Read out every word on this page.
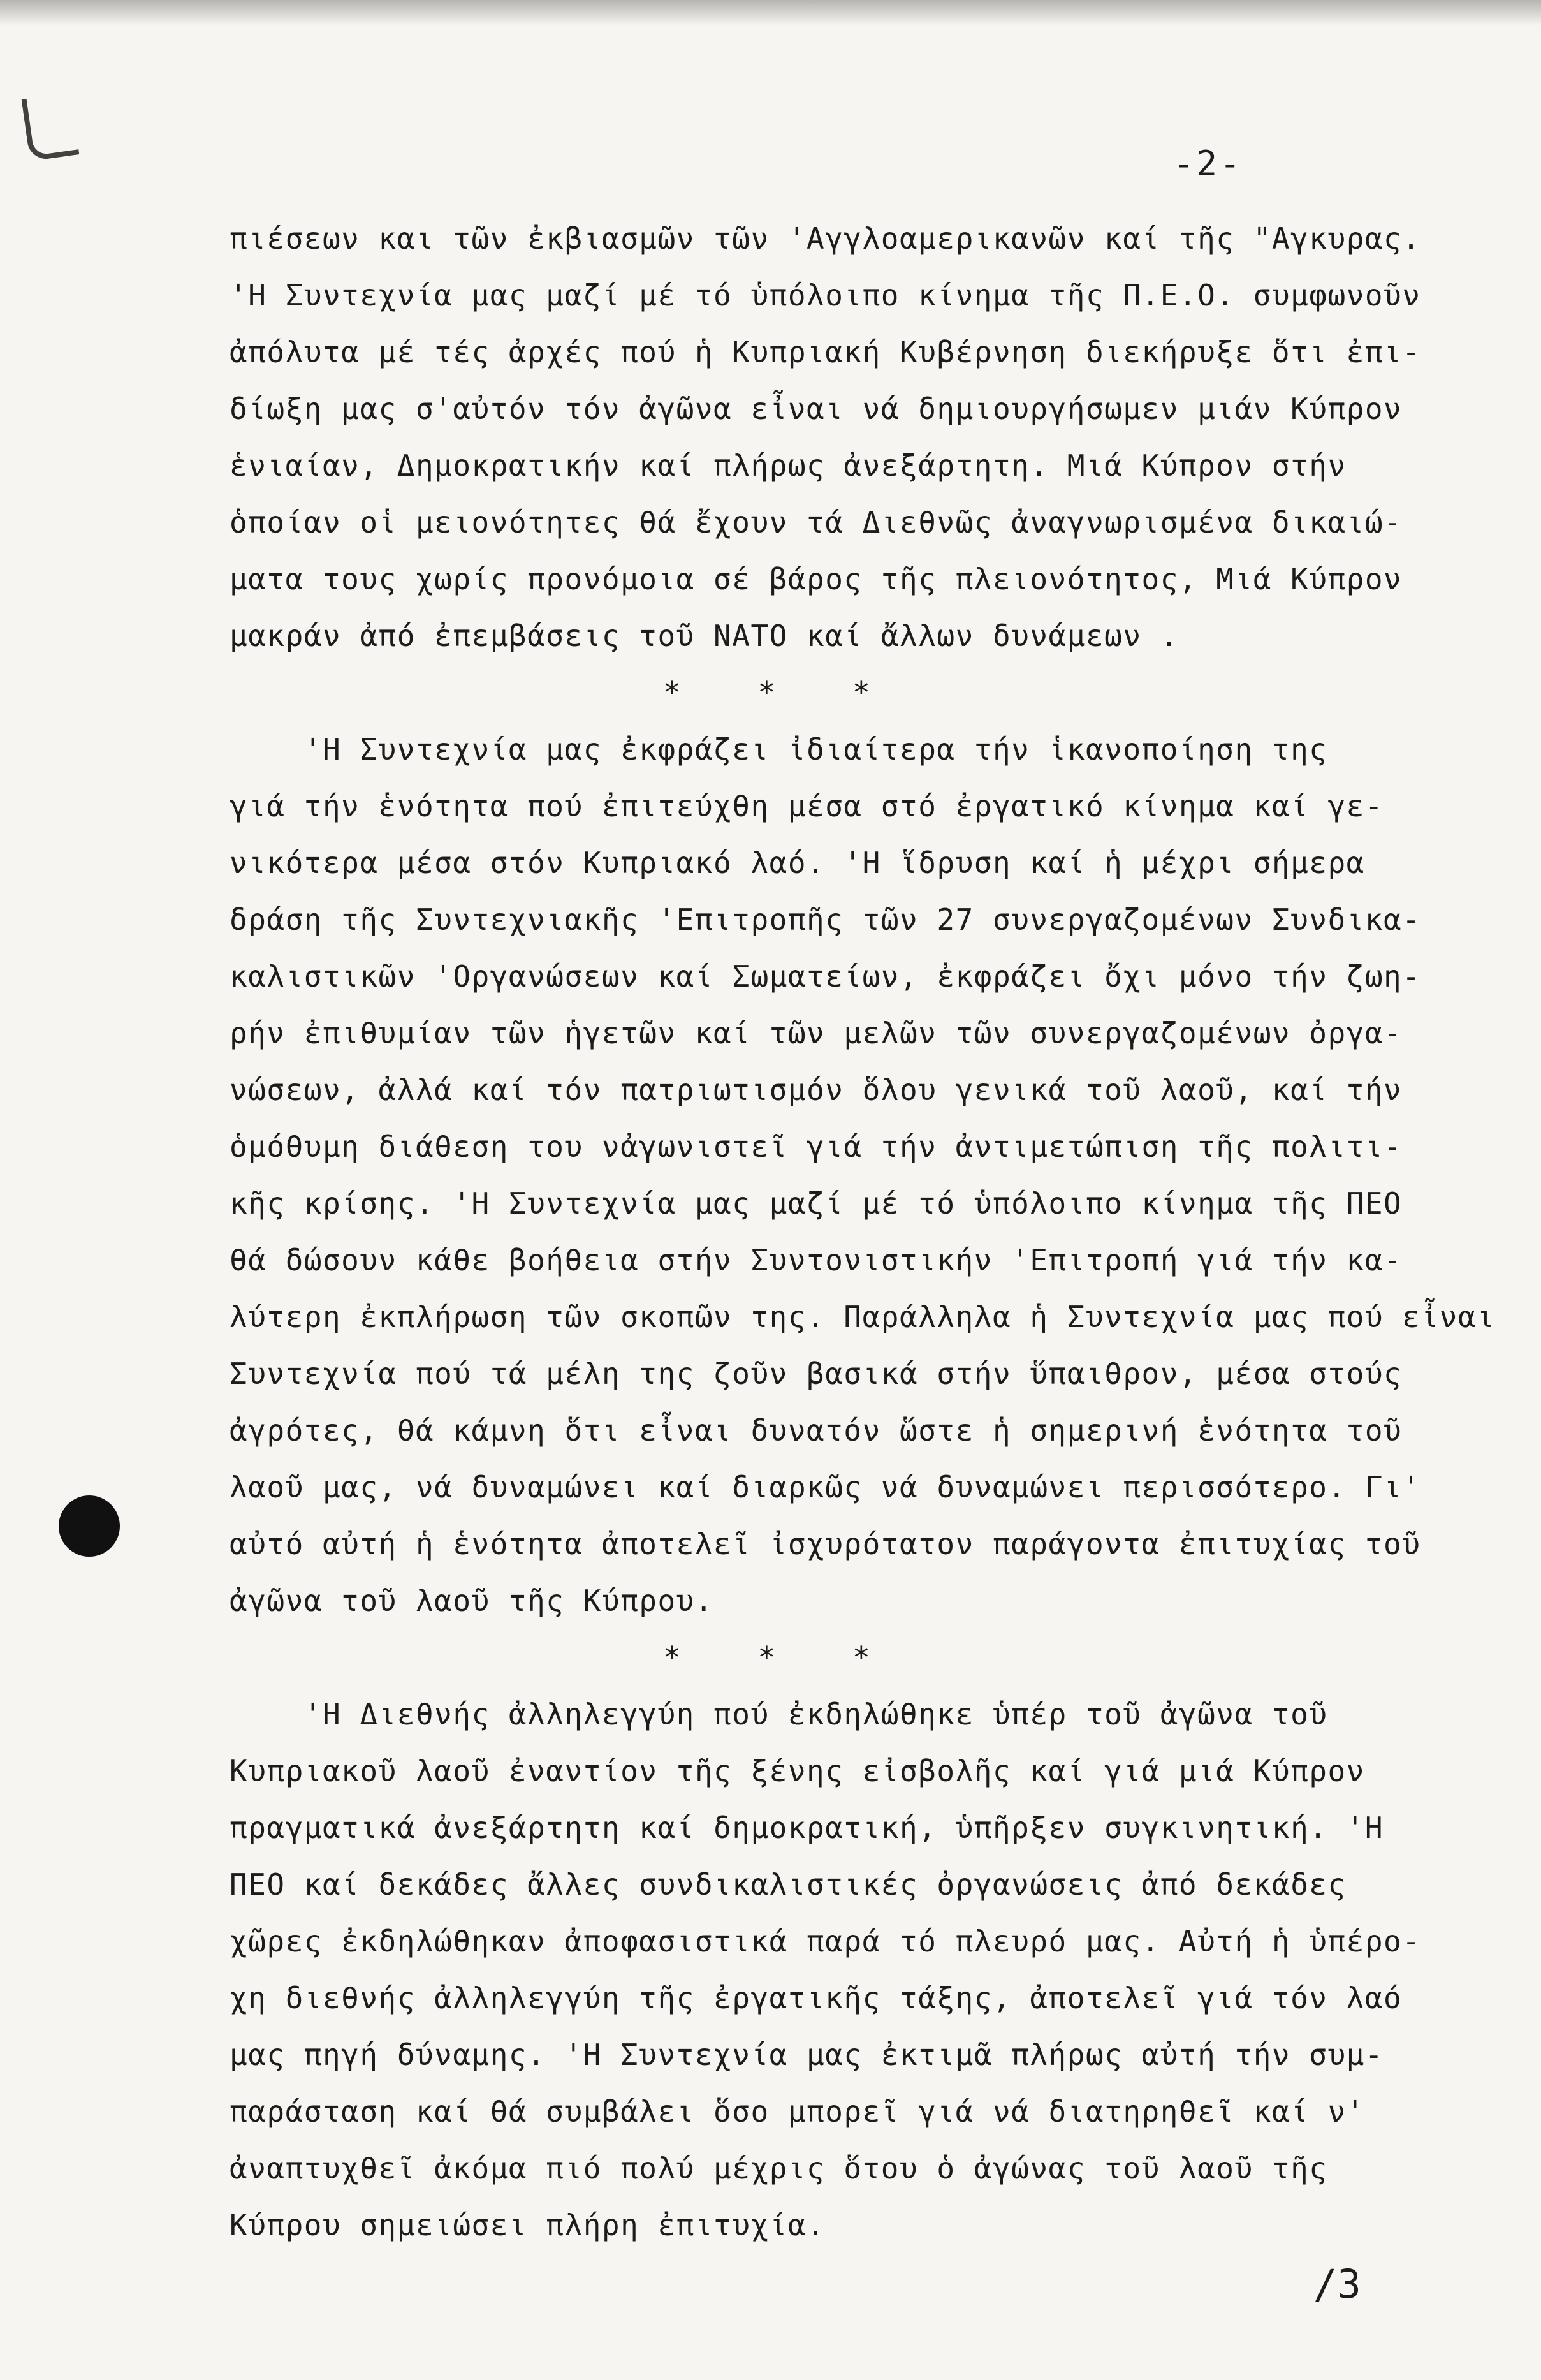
-2-
πιέσεων και τῶν ἐκβιασμῶν τῶν 'Αγγλοαμερικανῶν καί τῆς "Αγκυρας.
'Η Συντεχνία μας μαζί μέ τό ὑπόλοιπο κίνημα τῆς Π.Ε.Ο. συμφωνοῦν
ἀπόλυτα μέ τές ἀρχές πού ἡ Κυπριακή Κυβέρνηση διεκήρυξε ὅτι ἐπι-
δίωξη μας σ'αὐτόν τόν ἀγῶνα εἶναι νά δημιουργήσωμεν μιάν Κύπρον
ἑνιαίαν, Δημοκρατικήν καί πλήρως ἀνεξάρτητη. Μιά Κύπρον στήν
ὁποίαν οἱ μειονότητες θά ἔχουν τά Διεθνῶς ἀναγνωρισμένα δικαιώ-
ματα τους χωρίς προνόμοια σέ βάρος τῆς πλειονότητος, Μιά Κύπρον
μακράν ἀπό ἐπεμβάσεις τοῦ ΝΑΤΟ καί ἄλλων δυνάμεων .
*    *    *
'Η Συντεχνία μας ἐκφράζει ἰδιαίτερα τήν ἱκανοποίηση της
γιά τήν ἑνότητα πού ἐπιτεύχθη μέσα στό ἐργατικό κίνημα καί γε-
νικότερα μέσα στόν Κυπριακό λαό. 'Η ἵδρυση καί ἡ μέχρι σήμερα
δράση τῆς Συντεχνιακῆς 'Επιτροπῆς τῶν 27 συνεργαζομένων Συνδικα-
καλιστικῶν 'Οργανώσεων καί Σωματείων, ἐκφράζει ὄχι μόνο τήν ζωη-
ρήν ἐπιθυμίαν τῶν ἡγετῶν καί τῶν μελῶν τῶν συνεργαζομένων ὀργα-
νώσεων, ἀλλά καί τόν πατριωτισμόν ὅλου γενικά τοῦ λαοῦ, καί τήν
ὁμόθυμη διάθεση του νἀγωνιστεῖ γιά τήν ἀντιμετώπιση τῆς πολιτι-
κῆς κρίσης. 'Η Συντεχνία μας μαζί μέ τό ὑπόλοιπο κίνημα τῆς ΠΕΟ
θά δώσουν κάθε βοήθεια στήν Συντονιστικήν 'Επιτροπή γιά τήν κα-
λύτερη ἐκπλήρωση τῶν σκοπῶν της. Παράλληλα ἡ Συντεχνία μας πού εἶναι
Συντεχνία πού τά μέλη της ζοῦν βασικά στήν ὕπαιθρον, μέσα στούς
ἀγρότες, θά κάμνη ὅτι εἶναι δυνατόν ὥστε ἡ σημερινή ἑνότητα τοῦ
λαοῦ μας, νά δυναμώνει καί διαρκῶς νά δυναμώνει περισσότερο. Γι'
αὐτό αὐτή ἡ ἑνότητα ἀποτελεῖ ἰσχυρότατον παράγοντα ἐπιτυχίας τοῦ
ἀγῶνα τοῦ λαοῦ τῆς Κύπρου.
*    *    *
'Η Διεθνής ἀλληλεγγύη πού ἐκδηλώθηκε ὑπέρ τοῦ ἀγῶνα τοῦ
Κυπριακοῦ λαοῦ ἐναντίον τῆς ξένης εἰσβολῆς καί γιά μιά Κύπρον
πραγματικά ἀνεξάρτητη καί δημοκρατική, ὑπῆρξεν συγκινητική. 'Η
ΠΕΟ καί δεκάδες ἄλλες συνδικαλιστικές ὀργανώσεις ἀπό δεκάδες
χῶρες ἐκδηλώθηκαν ἀποφασιστικά παρά τό πλευρό μας. Αὐτή ἡ ὑπέρο-
χη διεθνής ἀλληλεγγύη τῆς ἐργατικῆς τάξης, ἀποτελεῖ γιά τόν λαό
μας πηγή δύναμης. 'Η Συντεχνία μας ἐκτιμᾶ πλήρως αὐτή τήν συμ-
παράσταση καί θά συμβάλει ὅσο μπορεῖ γιά νά διατηρηθεῖ καί ν'
ἀναπτυχθεῖ ἀκόμα πιό πολύ μέχρις ὅτου ὁ ἀγώνας τοῦ λαοῦ τῆς
Κύπρου σημειώσει πλήρη ἐπιτυχία.
/3
